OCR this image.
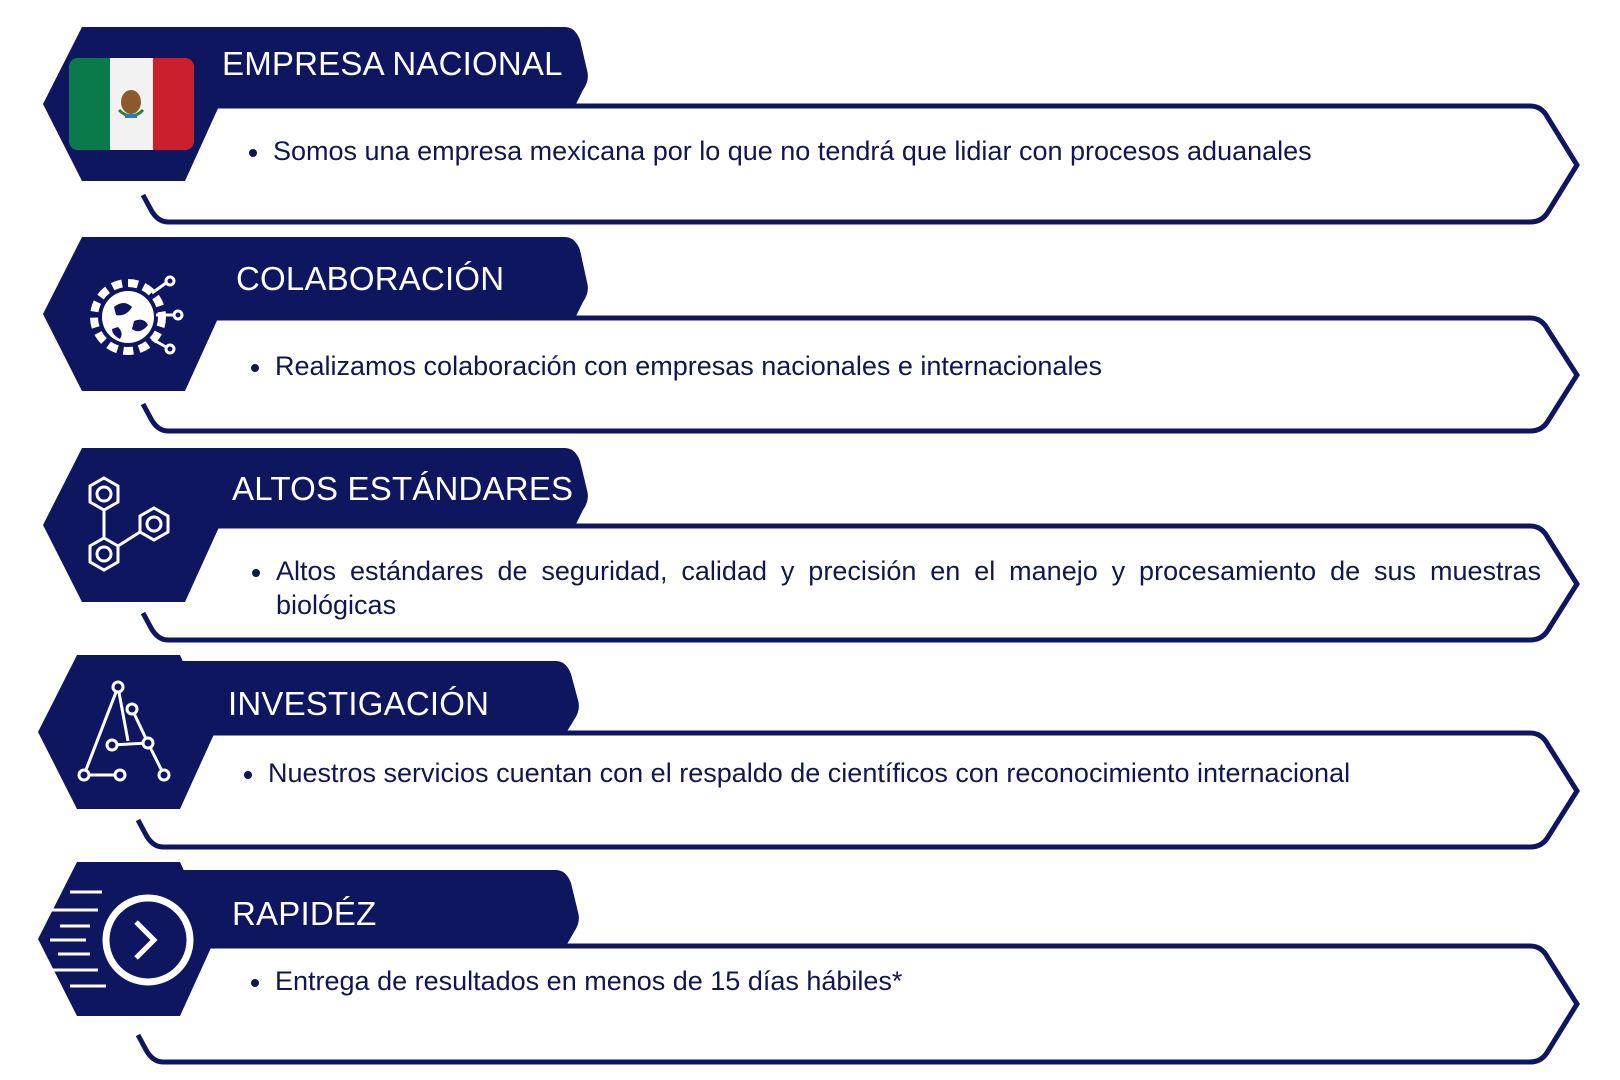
EMPRESA NACIONAL
Somos una empresa mexicana por lo que no tendrá que lidiar con procesos aduanales
COLABORACIÓN
Realizamos colaboración con empresas nacionales e internacionales
ALTOS ESTÁNDARES
Altos estándares de seguridad, calidad y precisión en el manejo y procesamiento de sus muestras biológicas
INVESTIGACIÓN
Nuestros servicios cuentan con el respaldo de científicos con reconocimiento internacional
RAPIDÉZ
Entrega de resultados en menos de 15 días hábiles*
